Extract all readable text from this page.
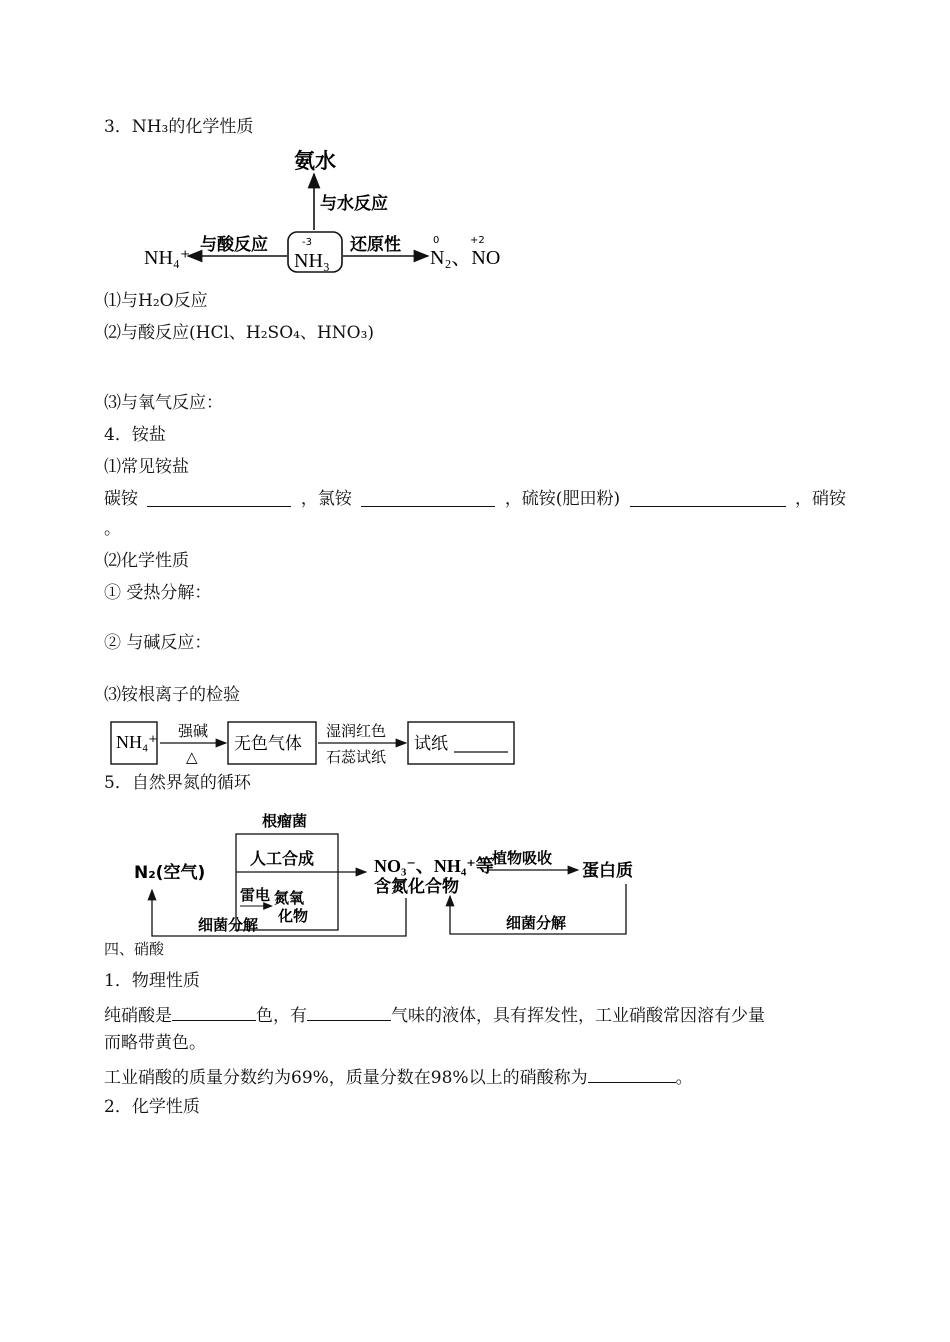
3．NH₃的化学性质
氨水
与水反应
-3
NH₃
与酸反应
NH₄⁺
还原性	0	+2
N₂、NO
⑴与H₂O反应
⑵与酸反应(HCl、H₂SO₄、HNO₃)
⑶与氧气反应：
4．铵盐
⑴常见铵盐
碳铵	，氯铵	，硫铵(肥田粉)	，硝铵
。
⑵化学性质
① 受热分解：
② 与碱反应：
⑶铵根离子的检验
NH₄⁺
强碱
△
无色气体
湿润红色
石蕊试纸
试纸
5．自然界氮的循环
N₂(空气)
根瘤菌
人工合成
雷电 氮氧
化物
NO₃⁻、NH₄⁺等
含氮化合物
植物吸收
蛋白质
细菌分解	细菌分解
四、硝酸
1．物理性质
纯硝酸是	色，有	气味的液体，具有挥发性，工业硝酸常因溶有少量
而略带黄色。
工业硝酸的质量分数约为69%，质量分数在98%以上的硝酸称为	。
2．化学性质
